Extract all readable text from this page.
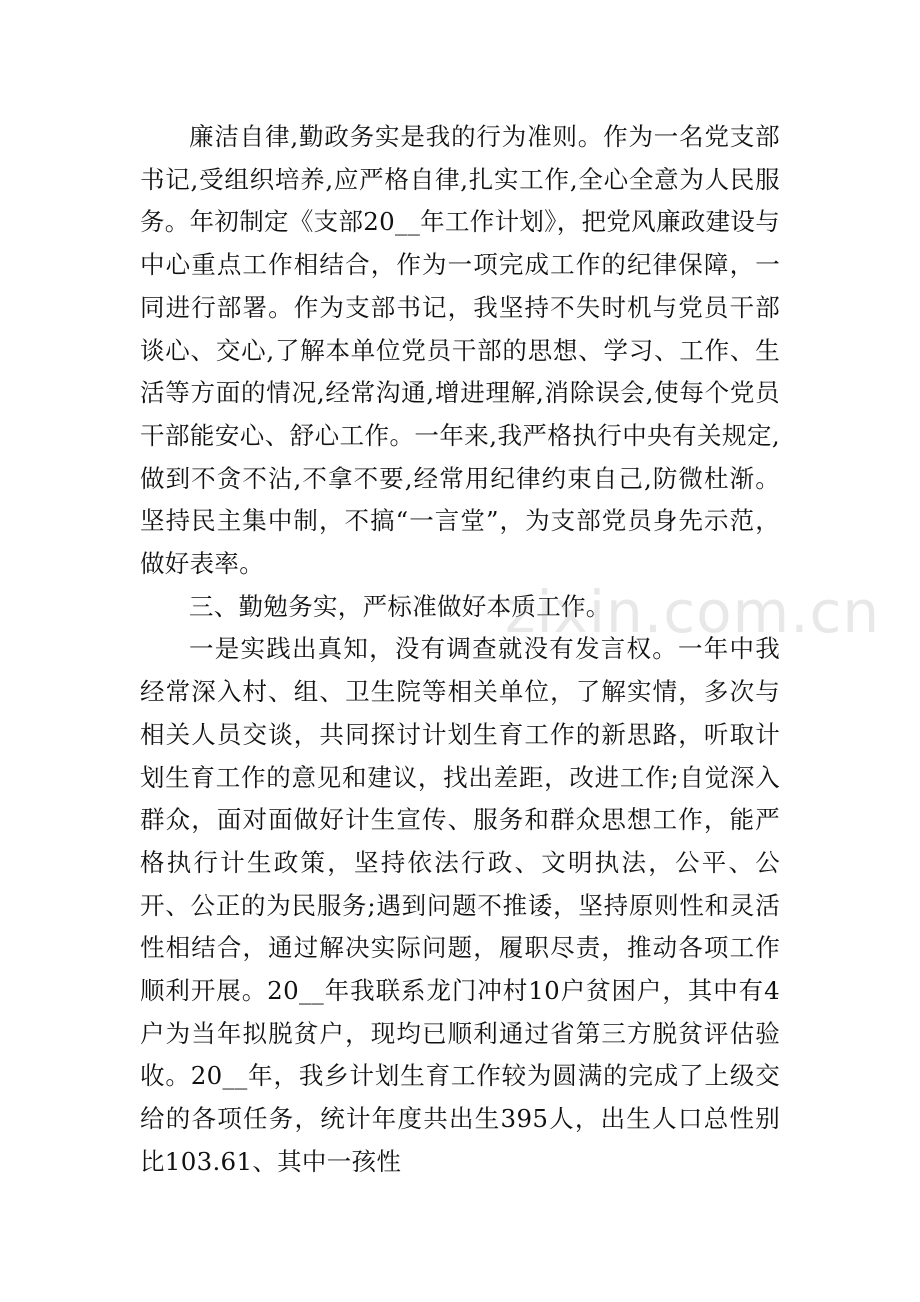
廉洁自律,勤政务实是我的行为准则。作为一名党支部书记,受组织培养,应严格自律,扎实工作,全心全意为人民服务。年初制定《支部20__年工作计划》，把党风廉政建设与中心重点工作相结合，作为一项完成工作的纪律保障，一同进行部署。作为支部书记，我坚持不失时机与党员干部谈心、交心,了解本单位党员干部的思想、学习、工作、生活等方面的情况,经常沟通,增进理解,消除误会,使每个党员干部能安心、舒心工作。一年来,我严格执行中央有关规定,做到不贪不沾,不拿不要,经常用纪律约束自己,防微杜渐。坚持民主集中制，不搞“一言堂”，为支部党员身先示范，做好表率。

三、勤勉务实，严标准做好本质工作。

一是实践出真知，没有调查就没有发言权。一年中我经常深入村、组、卫生院等相关单位，了解实情，多次与相关人员交谈，共同探讨计划生育工作的新思路，听取计划生育工作的意见和建议，找出差距，改进工作;自觉深入群众，面对面做好计生宣传、服务和群众思想工作，能严格执行计生政策，坚持依法行政、文明执法，公平、公开、公正的为民服务;遇到问题不推诿，坚持原则性和灵活性相结合，通过解决实际问题，履职尽责，推动各项工作顺利开展。20__年我联系龙门冲村10户贫困户，其中有4户为当年拟脱贫户，现均已顺利通过省第三方脱贫评估验收。20__年，我乡计划生育工作较为圆满的完成了上级交给的各项任务，统计年度共出生395人，出生人口总性别比103.61、其中一孩性

zixin.com.cn
